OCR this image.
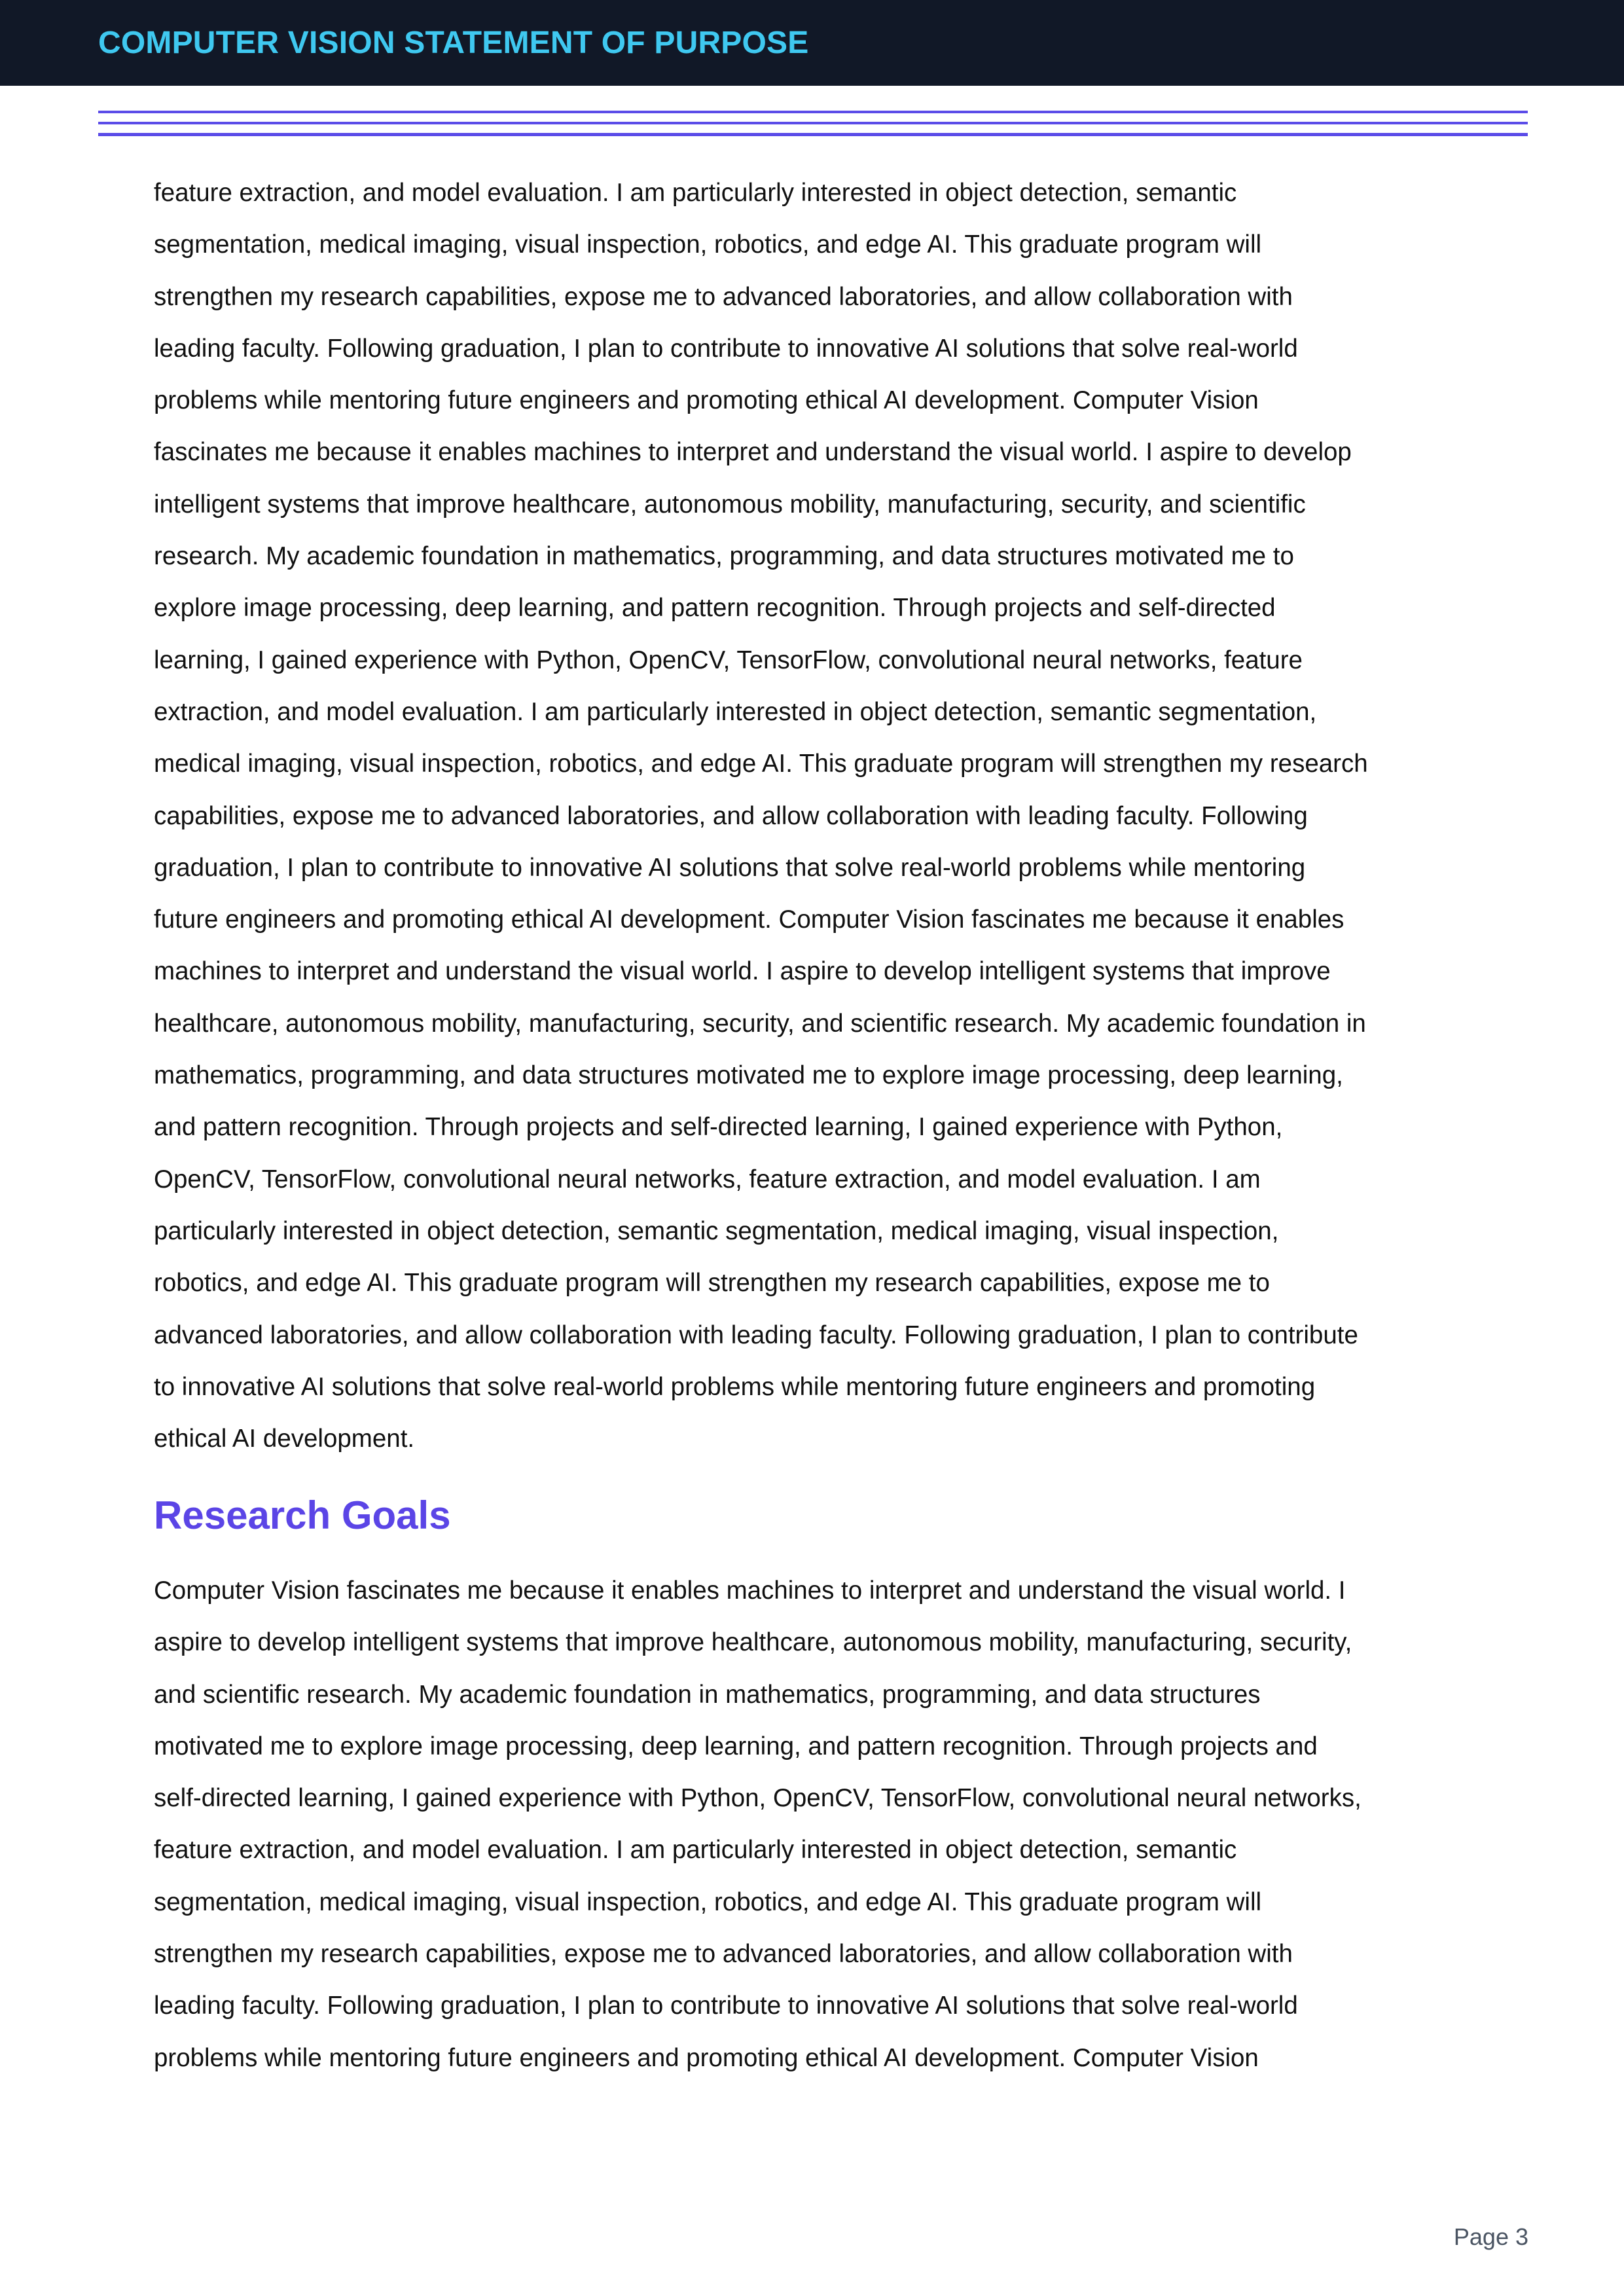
COMPUTER VISION STATEMENT OF PURPOSE

feature extraction, and model evaluation. I am particularly interested in object detection, semantic
segmentation, medical imaging, visual inspection, robotics, and edge AI. This graduate program will
strengthen my research capabilities, expose me to advanced laboratories, and allow collaboration with
leading faculty. Following graduation, I plan to contribute to innovative AI solutions that solve real-world
problems while mentoring future engineers and promoting ethical AI development. Computer Vision
fascinates me because it enables machines to interpret and understand the visual world. I aspire to develop
intelligent systems that improve healthcare, autonomous mobility, manufacturing, security, and scientific
research. My academic foundation in mathematics, programming, and data structures motivated me to
explore image processing, deep learning, and pattern recognition. Through projects and self-directed
learning, I gained experience with Python, OpenCV, TensorFlow, convolutional neural networks, feature
extraction, and model evaluation. I am particularly interested in object detection, semantic segmentation,
medical imaging, visual inspection, robotics, and edge AI. This graduate program will strengthen my research
capabilities, expose me to advanced laboratories, and allow collaboration with leading faculty. Following
graduation, I plan to contribute to innovative AI solutions that solve real-world problems while mentoring
future engineers and promoting ethical AI development. Computer Vision fascinates me because it enables
machines to interpret and understand the visual world. I aspire to develop intelligent systems that improve
healthcare, autonomous mobility, manufacturing, security, and scientific research. My academic foundation in
mathematics, programming, and data structures motivated me to explore image processing, deep learning,
and pattern recognition. Through projects and self-directed learning, I gained experience with Python,
OpenCV, TensorFlow, convolutional neural networks, feature extraction, and model evaluation. I am
particularly interested in object detection, semantic segmentation, medical imaging, visual inspection,
robotics, and edge AI. This graduate program will strengthen my research capabilities, expose me to
advanced laboratories, and allow collaboration with leading faculty. Following graduation, I plan to contribute
to innovative AI solutions that solve real-world problems while mentoring future engineers and promoting
ethical AI development.

Research Goals

Computer Vision fascinates me because it enables machines to interpret and understand the visual world. I
aspire to develop intelligent systems that improve healthcare, autonomous mobility, manufacturing, security,
and scientific research. My academic foundation in mathematics, programming, and data structures
motivated me to explore image processing, deep learning, and pattern recognition. Through projects and
self-directed learning, I gained experience with Python, OpenCV, TensorFlow, convolutional neural networks,
feature extraction, and model evaluation. I am particularly interested in object detection, semantic
segmentation, medical imaging, visual inspection, robotics, and edge AI. This graduate program will
strengthen my research capabilities, expose me to advanced laboratories, and allow collaboration with
leading faculty. Following graduation, I plan to contribute to innovative AI solutions that solve real-world
problems while mentoring future engineers and promoting ethical AI development. Computer Vision

Page 3
